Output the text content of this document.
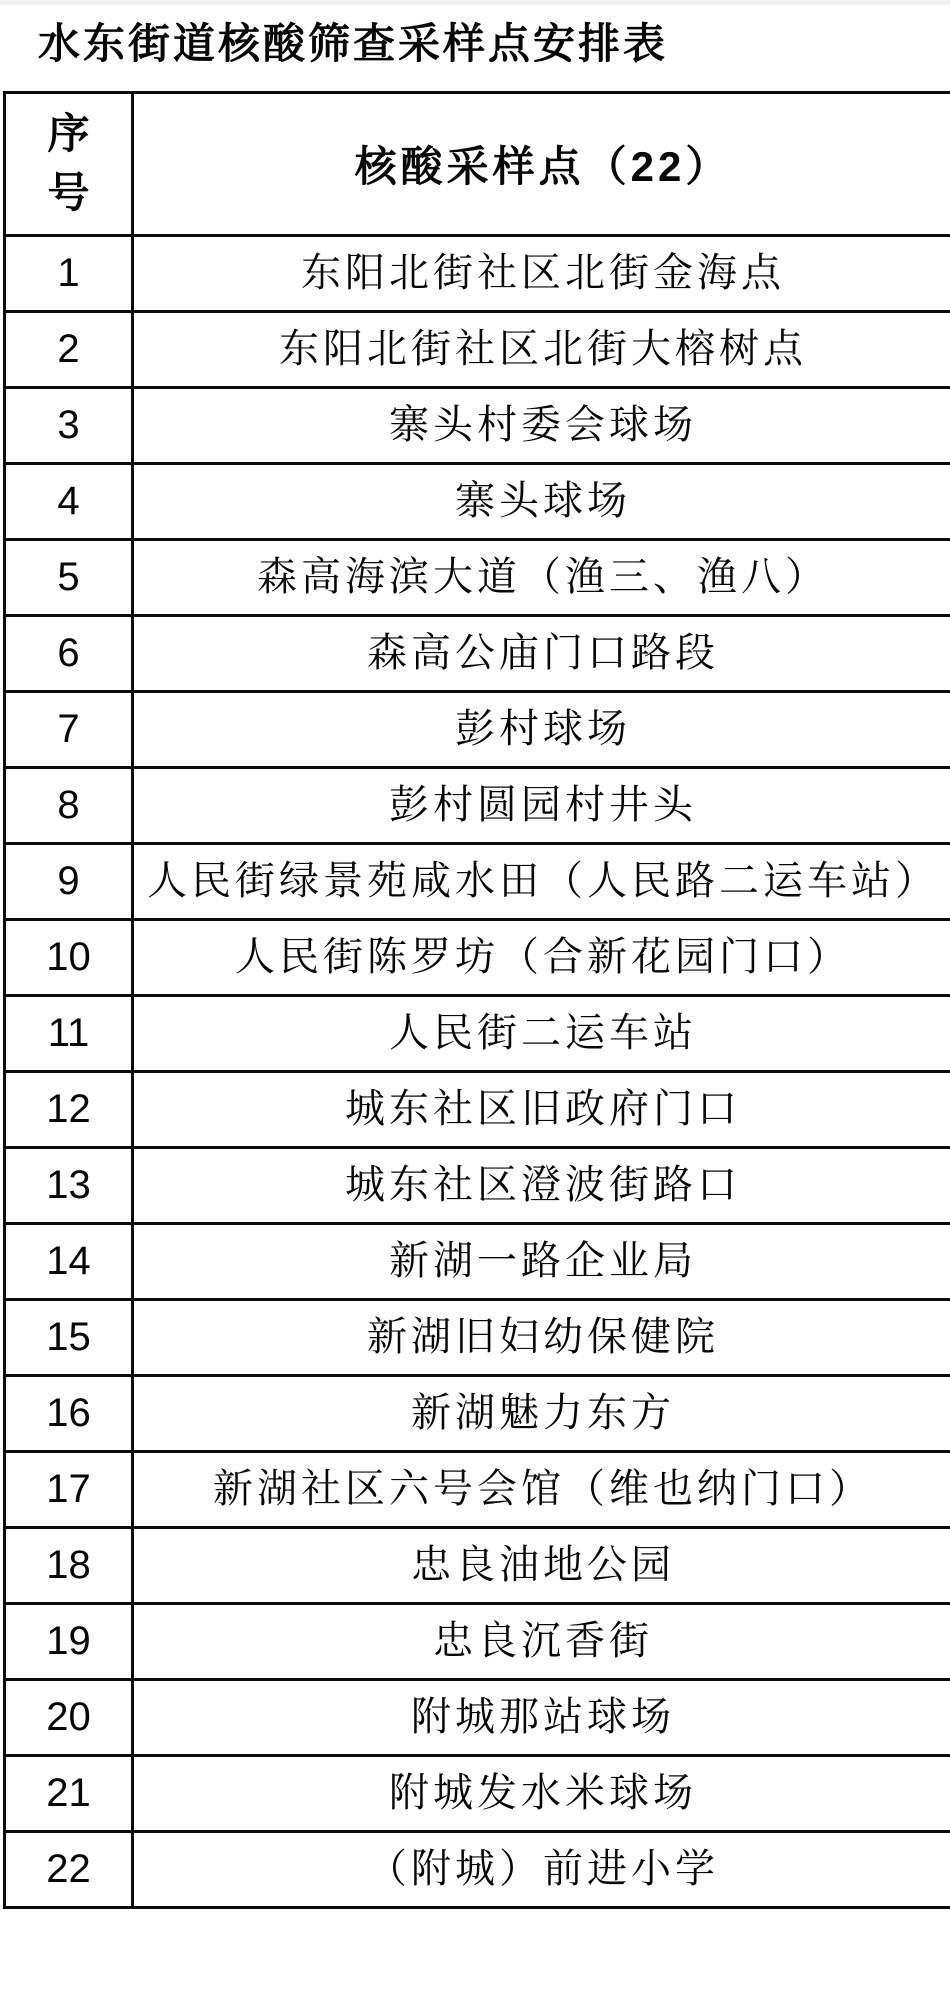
水东街道核酸筛查采样点安排表
序号	核酸采样点（22）
1	东阳北街社区北街金海点
2	东阳北街社区北街大榕树点
3	寨头村委会球场
4	寨头球场
5	森高海滨大道（渔三、渔八）
6	森高公庙门口路段
7	彭村球场
8	彭村圆园村井头
9	人民街绿景苑咸水田（人民路二运车站）
10	人民街陈罗坊（合新花园门口）
11	人民街二运车站
12	城东社区旧政府门口
13	城东社区澄波街路口
14	新湖一路企业局
15	新湖旧妇幼保健院
16	新湖魅力东方
17	新湖社区六号会馆（维也纳门口）
18	忠良油地公园
19	忠良沉香街
20	附城那站球场
21	附城发水米球场
22	（附城）前进小学
